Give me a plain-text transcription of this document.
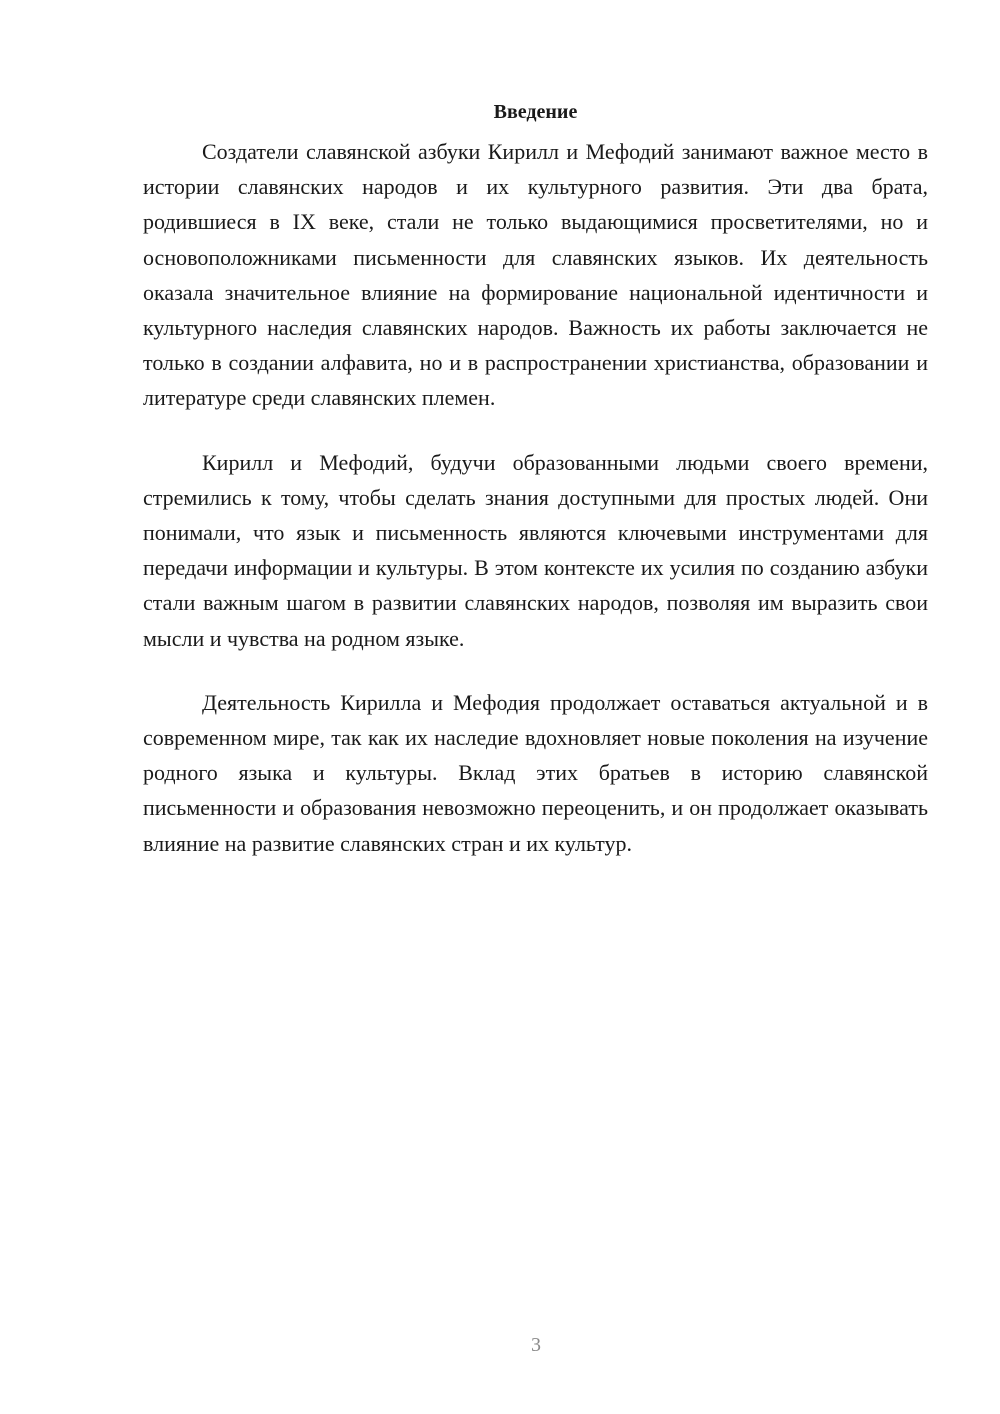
Введение

Создатели славянской азбуки Кирилл и Мефодий занимают важное место в истории славянских народов и их культурного развития. Эти два брата, родившиеся в IX веке, стали не только выдающимися просветителями, но и основоположниками письменности для славянских языков. Их деятельность оказала значительное влияние на формирование национальной идентичности и культурного наследия славянских народов. Важность их работы заключается не только в создании алфавита, но и в распространении христианства, образовании и литературе среди славянских племен.

Кирилл и Мефодий, будучи образованными людьми своего времени, стремились к тому, чтобы сделать знания доступными для простых людей. Они понимали, что язык и письменность являются ключевыми инструментами для передачи информации и культуры. В этом контексте их усилия по созданию азбуки стали важным шагом в развитии славянских народов, позволяя им выразить свои мысли и чувства на родном языке.

Деятельность Кирилла и Мефодия продолжает оставаться актуальной и в современном мире, так как их наследие вдохновляет новые поколения на изучение родного языка и культуры. Вклад этих братьев в историю славянской письменности и образования невозможно переоценить, и он продолжает оказывать влияние на развитие славянских стран и их культур.

3
